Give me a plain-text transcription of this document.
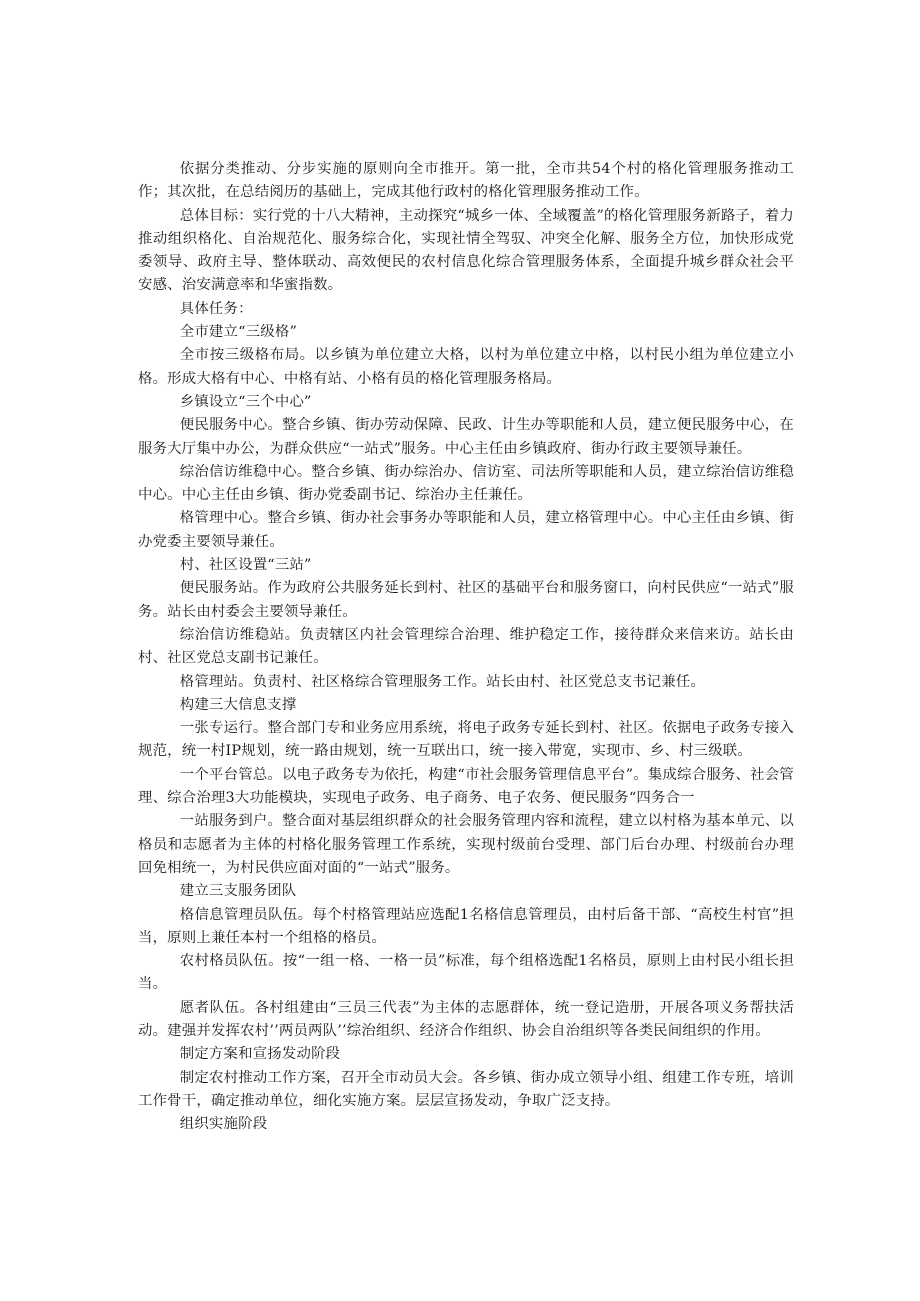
依据分类推动、分步实施的原则向全市推开。第一批，全市共54个村的格化管理服务推动工作；其次批，在总结阅历的基础上，完成其他行政村的格化管理服务推动工作。

总体目标：实行党的十八大精神，主动探究“城乡一体、全域覆盖”的格化管理服务新路子，着力推动组织格化、自治规范化、服务综合化，实现社情全驾驭、冲突全化解、服务全方位，加快形成党委领导、政府主导、整体联动、高效便民的农村信息化综合管理服务体系，全面提升城乡群众社会平安感、治安满意率和华蜜指数。

具体任务：

全市建立“三级格”

全市按三级格布局。以乡镇为单位建立大格，以村为单位建立中格，以村民小组为单位建立小格。形成大格有中心、中格有站、小格有员的格化管理服务格局。

乡镇设立“三个中心”

便民服务中心。整合乡镇、街办劳动保障、民政、计生办等职能和人员，建立便民服务中心，在服务大厅集中办公，为群众供应“一站式”服务。中心主任由乡镇政府、街办行政主要领导兼任。

综治信访维稳中心。整合乡镇、街办综治办、信访室、司法所等职能和人员，建立综治信访维稳中心。中心主任由乡镇、街办党委副书记、综治办主任兼任。

格管理中心。整合乡镇、街办社会事务办等职能和人员，建立格管理中心。中心主任由乡镇、街办党委主要领导兼任。

村、社区设置“三站”

便民服务站。作为政府公共服务延长到村、社区的基础平台和服务窗口，向村民供应“一站式”服务。站长由村委会主要领导兼任。

综治信访维稳站。负责辖区内社会管理综合治理、维护稳定工作，接待群众来信来访。站长由村、社区党总支副书记兼任。

格管理站。负责村、社区格综合管理服务工作。站长由村、社区党总支书记兼任。

构建三大信息支撑

一张专运行。整合部门专和业务应用系统，将电子政务专延长到村、社区。依据电子政务专接入规范，统一村IP规划，统一路由规划，统一互联出口，统一接入带宽，实现市、乡、村三级联。

一个平台管总。以电子政务专为依托，构建“市社会服务管理信息平台”。集成综合服务、社会管理、综合治理3大功能模块，实现电子政务、电子商务、电子农务、便民服务“四务合一

一站服务到户。整合面对基层组织群众的社会服务管理内容和流程，建立以村格为基本单元、以格员和志愿者为主体的村格化服务管理工作系统，实现村级前台受理、部门后台办理、村级前台办理回免相统一，为村民供应面对面的“一站式”服务。

建立三支服务团队

格信息管理员队伍。每个村格管理站应选配1名格信息管理员，由村后备干部、“高校生村官”担当，原则上兼任本村一个组格的格员。

农村格员队伍。按“一组一格、一格一员”标准，每个组格选配1名格员，原则上由村民小组长担当。

愿者队伍。各村组建由“三员三代表”为主体的志愿群体，统一登记造册，开展各项义务帮扶活动。建强并发挥农村’’两员两队’’综治组织、经济合作组织、协会自治组织等各类民间组织的作用。

制定方案和宣扬发动阶段

制定农村推动工作方案，召开全市动员大会。各乡镇、街办成立领导小组、组建工作专班，培训工作骨干，确定推动单位，细化实施方案。层层宣扬发动，争取广泛支持。

组织实施阶段
